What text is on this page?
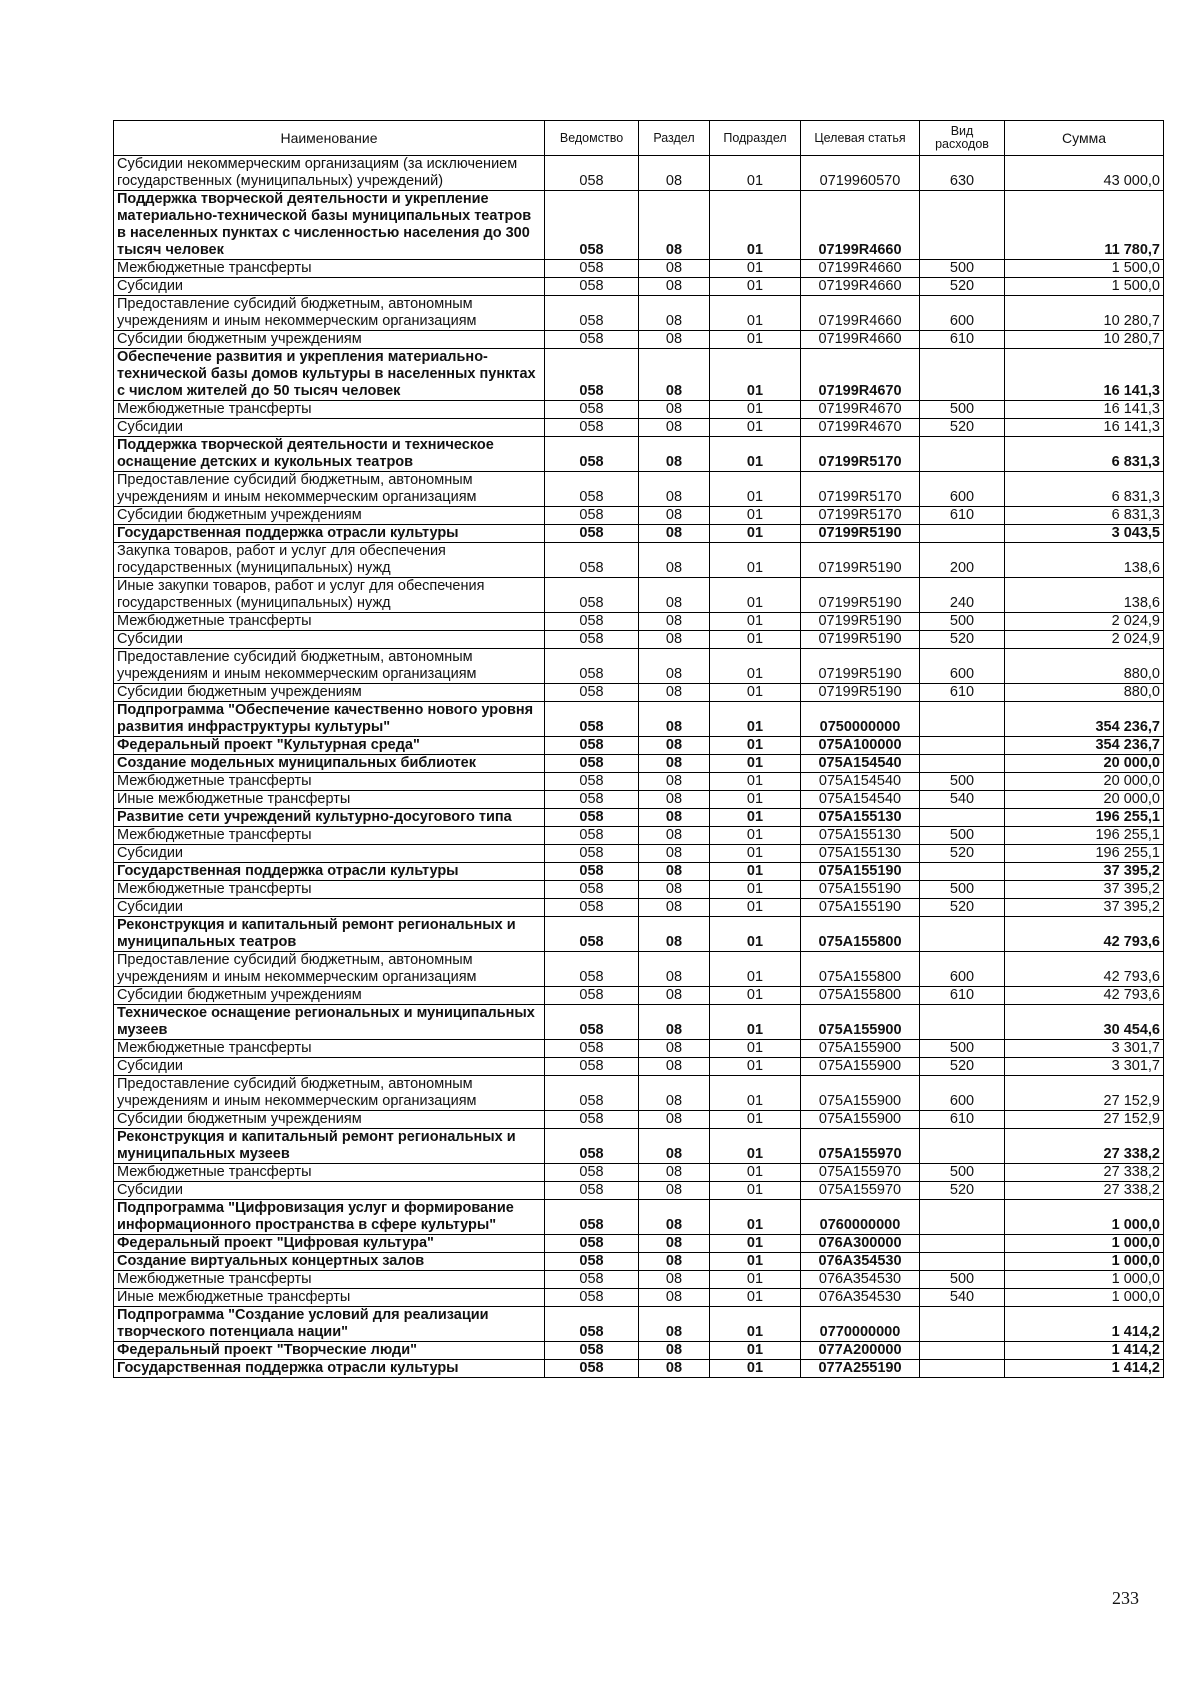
Наименование	Ведомство	Раздел	Подраздел	Целевая статья	Вид расходов	Сумма
Субсидии некоммерческим организациям (за исключением государственных (муниципальных) учреждений)	058	08	01	0719960570	630	43 000,0
Поддержка творческой деятельности и укрепление материально-технической базы муниципальных театров в населенных пунктах с численностью населения до 300 тысяч человек	058	08	01	07199R4660		11 780,7
Межбюджетные трансферты	058	08	01	07199R4660	500	1 500,0
Субсидии	058	08	01	07199R4660	520	1 500,0
Предоставление субсидий бюджетным, автономным учреждениям и иным некоммерческим организациям	058	08	01	07199R4660	600	10 280,7
Субсидии бюджетным учреждениям	058	08	01	07199R4660	610	10 280,7
Обеспечение развития и укрепления материально-технической базы домов культуры в населенных пунктах с числом жителей до 50 тысяч человек	058	08	01	07199R4670		16 141,3
Межбюджетные трансферты	058	08	01	07199R4670	500	16 141,3
Субсидии	058	08	01	07199R4670	520	16 141,3
Поддержка творческой деятельности и техническое оснащение детских и кукольных театров	058	08	01	07199R5170		6 831,3
Предоставление субсидий бюджетным, автономным учреждениям и иным некоммерческим организациям	058	08	01	07199R5170	600	6 831,3
Субсидии бюджетным учреждениям	058	08	01	07199R5170	610	6 831,3
Государственная поддержка отрасли культуры	058	08	01	07199R5190		3 043,5
Закупка товаров, работ и услуг для обеспечения государственных (муниципальных) нужд	058	08	01	07199R5190	200	138,6
Иные закупки товаров, работ и услуг для обеспечения государственных (муниципальных) нужд	058	08	01	07199R5190	240	138,6
Межбюджетные трансферты	058	08	01	07199R5190	500	2 024,9
Субсидии	058	08	01	07199R5190	520	2 024,9
Предоставление субсидий бюджетным, автономным учреждениям и иным некоммерческим организациям	058	08	01	07199R5190	600	880,0
Субсидии бюджетным учреждениям	058	08	01	07199R5190	610	880,0
Подпрограмма "Обеспечение качественно нового уровня развития инфраструктуры культуры"	058	08	01	0750000000		354 236,7
Федеральный проект "Культурная среда"	058	08	01	075А100000		354 236,7
Создание модельных муниципальных библиотек	058	08	01	075А154540		20 000,0
Межбюджетные трансферты	058	08	01	075А154540	500	20 000,0
Иные межбюджетные трансферты	058	08	01	075А154540	540	20 000,0
Развитие сети учреждений культурно-досугового типа	058	08	01	075А155130		196 255,1
Межбюджетные трансферты	058	08	01	075А155130	500	196 255,1
Субсидии	058	08	01	075А155130	520	196 255,1
Государственная поддержка отрасли культуры	058	08	01	075А155190		37 395,2
Межбюджетные трансферты	058	08	01	075А155190	500	37 395,2
Субсидии	058	08	01	075А155190	520	37 395,2
Реконструкция и капитальный ремонт региональных и муниципальных театров	058	08	01	075А155800		42 793,6
Предоставление субсидий бюджетным, автономным учреждениям и иным некоммерческим организациям	058	08	01	075А155800	600	42 793,6
Субсидии бюджетным учреждениям	058	08	01	075А155800	610	42 793,6
Техническое оснащение региональных и муниципальных музеев	058	08	01	075А155900		30 454,6
Межбюджетные трансферты	058	08	01	075А155900	500	3 301,7
Субсидии	058	08	01	075А155900	520	3 301,7
Предоставление субсидий бюджетным, автономным учреждениям и иным некоммерческим организациям	058	08	01	075А155900	600	27 152,9
Субсидии бюджетным учреждениям	058	08	01	075А155900	610	27 152,9
Реконструкция и капитальный ремонт региональных и муниципальных музеев	058	08	01	075А155970		27 338,2
Межбюджетные трансферты	058	08	01	075А155970	500	27 338,2
Субсидии	058	08	01	075А155970	520	27 338,2
Подпрограмма "Цифровизация услуг и формирование информационного пространства в сфере культуры"	058	08	01	0760000000		1 000,0
Федеральный проект "Цифровая культура"	058	08	01	076А300000		1 000,0
Создание виртуальных концертных залов	058	08	01	076А354530		1 000,0
Межбюджетные трансферты	058	08	01	076А354530	500	1 000,0
Иные межбюджетные трансферты	058	08	01	076А354530	540	1 000,0
Подпрограмма "Создание условий для реализации творческого потенциала нации"	058	08	01	0770000000		1 414,2
Федеральный проект "Творческие люди"	058	08	01	077А200000		1 414,2
Государственная поддержка отрасли культуры	058	08	01	077А255190		1 414,2
233
